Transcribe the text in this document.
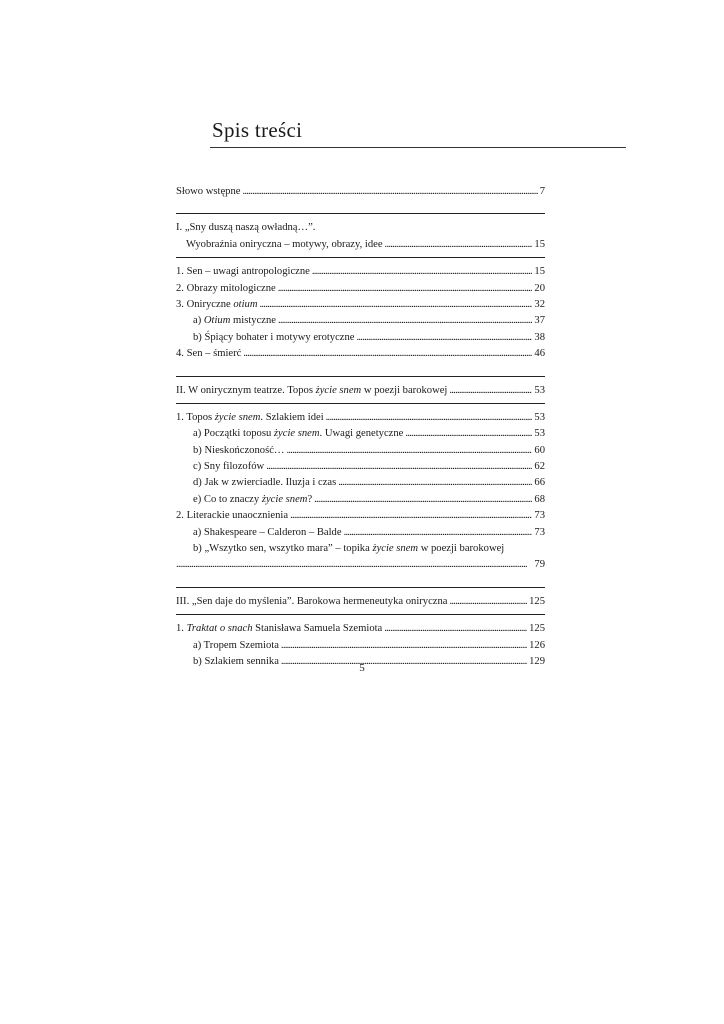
Spis treści
Słowo wstępne . . .	7
I. „Sny duszą naszą owładną…”.
Wyobraźnia oniryczna – motywy, obrazy, idee . . .	15
1. Sen – uwagi antropologiczne . . .	15
2. Obrazy mitologiczne . . .	20
3. Oniryczne otium . . .	32
a) Otium mistyczne . . .	37
b) Śpiący bohater i motywy erotyczne . . .	38
4. Sen – śmierć . . .	46
II. W onirycznym teatrze. Topos życie snem w poezji barokowej . . .	53
1. Topos życie snem. Szlakiem idei . . .	53
a) Początki toposu życie snem. Uwagi genetyczne . . .	53
b) Nieskończoność… . . .	60
c) Sny filozofów . . .	62
d) Jak w zwierciadle. Iluzja i czas . . .	66
e) Co to znaczy życie snem? . . .	68
2. Literackie unaocznienia . . .	73
a) Shakespeare – Calderon – Balde . . .	73
b) „Wszytko sen, wszytko mara” – topika życie snem w poezji barokowej
. . .
79
III. „Sen daje do myślenia”. Barokowa hermeneutyka oniryczna . . .	125
1. Traktat o snach Stanisława Samuela Szemiota . . .	125
a) Tropem Szemiota . . .	126
b) Szlakiem sennika . . .	129
5
